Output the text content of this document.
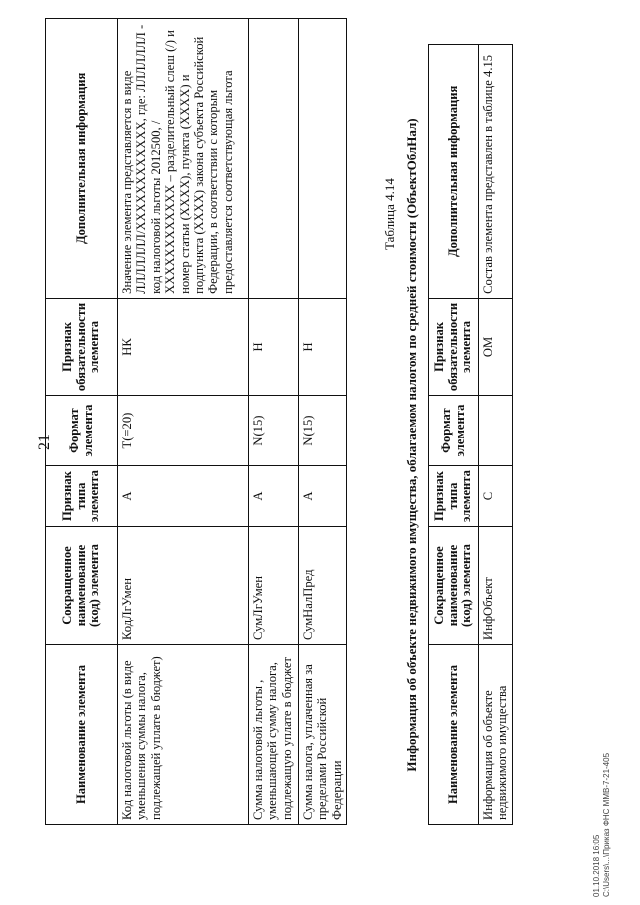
21
Наименование элемента	Сокращенное наименование (код) элемента	Признак типа элемента	Формат элемента	Признак обязательности элемента	Дополнительная информация
Код налоговой льготы (в виде уменьшения суммы налога, подлежащей уплате в бюджет)	КодЛгУмен	А	T(=20)	НК	Значение элемента представляется в виде ЛЛЛЛЛЛЛ/ХХХХХХХХХХХХ, где: ЛЛЛЛЛЛЛ - код налоговой льготы 2012500, /ХХХХХХХХХХХХ – разделительный слеш (/) и номер статьи (ХХХХ), пункта (ХХХХ) и подпункта (ХХХХ) закона субъекта Российской Федерации, в соответствии с которым предоставляется соответствующая льгота
Сумма налоговой льготы , уменьшающей сумму налога, подлежащую уплате в бюджет	СумЛгУмен	А	N(15)	Н	
Сумма налога, уплаченная за пределами Российской Федерации	СумНалПред	А	N(15)	Н	
Таблица 4.14 Информация об объекте недвижимого имущества, облагаемом налогом по средней стоимости (ОбъектОблНал) Наименование элемента	Сокращенное наименование (код) элемента	Признак типа элемента	Формат элемента	Признак обязательности элемента	Дополнительная информация
Информация об объекте недвижимого имущества	ИнфОбъект	С		ОМ	Состав элемента представлен в таблице 4.15
01.10.2018 16:05 C:\Users\...\Приказ ФНС ММВ-7-21-405
